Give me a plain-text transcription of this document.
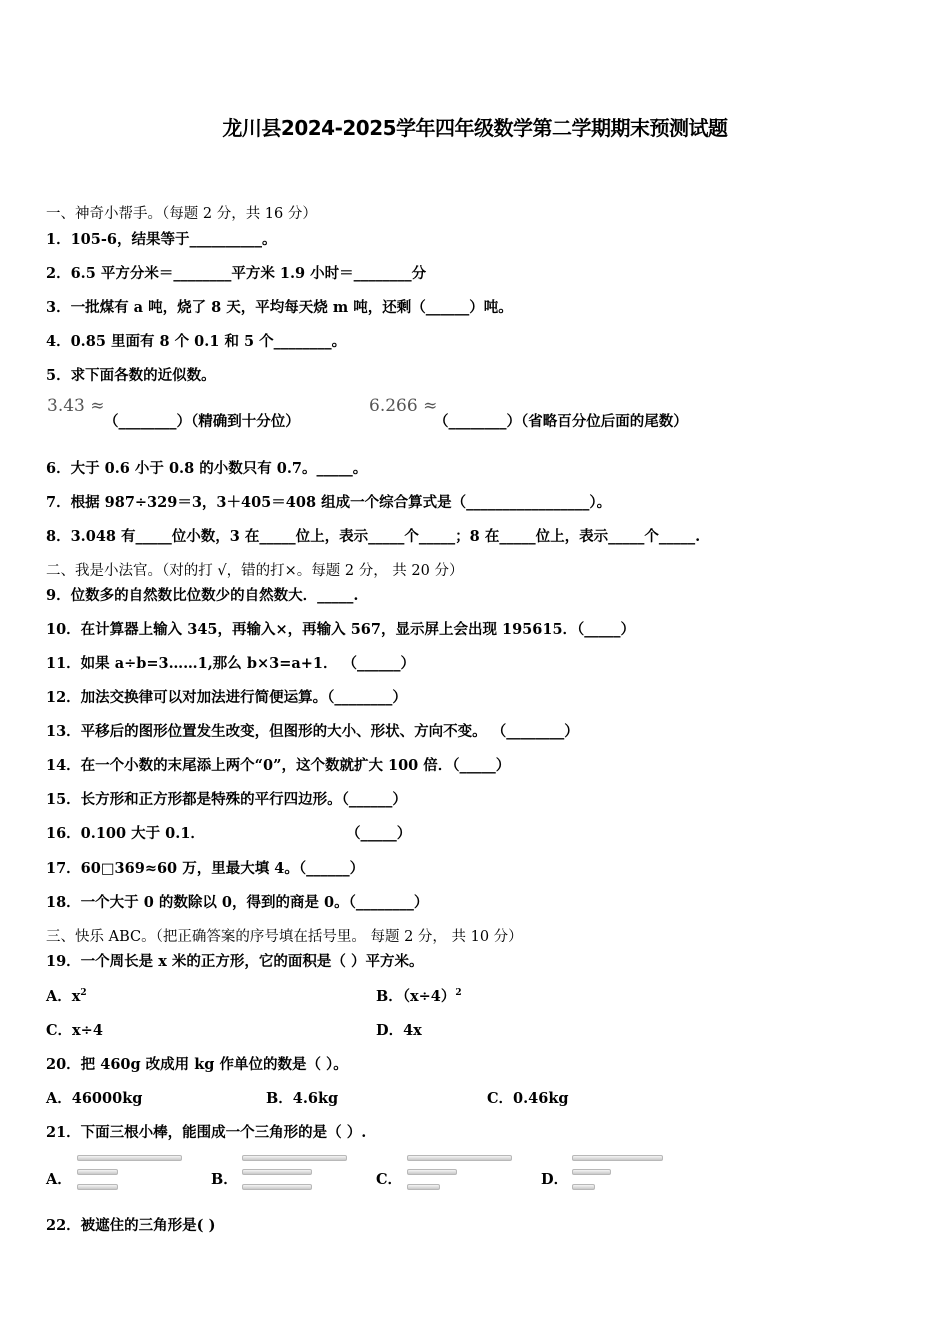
龙川县2024-2025学年四年级数学第二学期期末预测试题
一、神奇小帮手。（每题 2 分，共 16 分）
1．105-6，结果等于__________。
2．6.5 平方分米＝________平方米 1.9 小时＝________分
3．一批煤有 a 吨，烧了 8 天，平均每天烧 m 吨，还剩（______）吨。
4．0.85 里面有 8 个 0.1 和 5 个________。
5．求下面各数的近似数。
3.43 ≈
（________）（精确到十分位）
6.266 ≈
（________）（省略百分位后面的尾数）
6．大于 0.6 小于 0.8 的小数只有 0.7。_____。
7．根据 987÷329＝3，3＋405＝408 组成一个综合算式是（_________________）。
8．3.048 有_____位小数，3 在_____位上，表示_____个_____；8 在_____位上，表示_____个_____.
二、我是小法官。（对的打 √，错的打×。每题 2 分， 共 20 分）
9．位数多的自然数比位数少的自然数大．_____.
10．在计算器上输入 345，再输入×，再输入 567，显示屏上会出现 195615．（_____）
11．如果 a÷b=3……1,那么 b×3=a+1． （______）
12．加法交换律可以对加法进行简便运算。（________）
13．平移后的图形位置发生改变，但图形的大小、形状、方向不变。 （________）
14．在一个小数的末尾添上两个“0”，这个数就扩大 100 倍．（_____）
15．长方形和正方形都是特殊的平行四边形。（______）
16．0.100 大于 0.1．	（_____）
17．60□369≈60 万，里最大填 4。（______）
18．一个大于 0 的数除以 0，得到的商是 0。（________）
三、快乐 ABC。（把正确答案的序号填在括号里。 每题 2 分， 共 10 分）
19．一个周长是 x 米的正方形，它的面积是（ ）平方米。
A．$x^2$	B．$(x\div 4)^2$
C．x÷4	D．4x
20．把 460g 改成用 kg 作单位的数是（ ）。
A．46000kg	B．4.6kg	C．0.46kg
21．下面三根小棒，能围成一个三角形的是（ ）.
A．	B．	C．	D．
22．被遮住的三角形是( )
